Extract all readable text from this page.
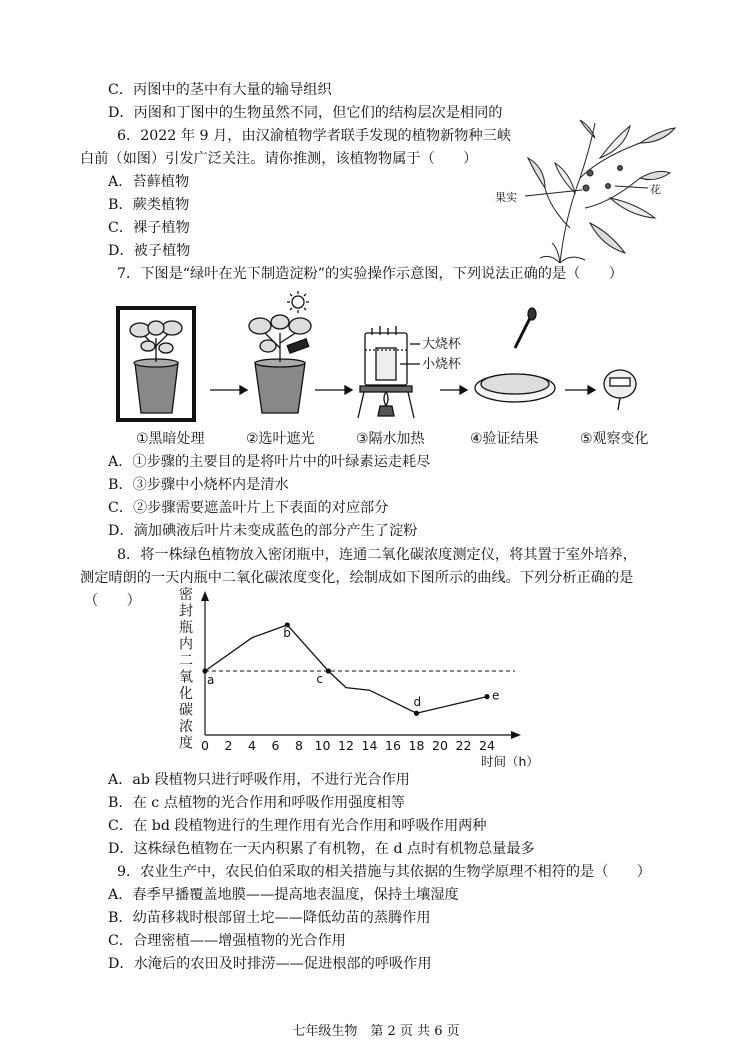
C．丙图中的茎中有大量的输导组织
D．丙图和丁图中的生物虽然不同，但它们的结构层次是相同的
6．2022 年 9 月，由汉渝植物学者联手发现的植物新物种三峡
白前（如图）引发广泛关注。请你推测，该植物物属于（　　）
A．苔藓植物
B．蕨类植物
C．裸子植物
D．被子植物
果实
花
7．下图是“绿叶在光下制造淀粉”的实验操作示意图，下列说法正确的是（　　）
大烧杯
小烧杯
①黑暗处理	②选叶遮光	③隔水加热	④验证结果	⑤观察变化
A．①步骤的主要目的是将叶片中的叶绿素运走耗尽
B．③步骤中小烧杯内是清水
C．②步骤需要遮盖叶片上下表面的对应部分
D．滴加碘液后叶片未变成蓝色的部分产生了淀粉
8．将一株绿色植物放入密闭瓶中，连通二氧化碳浓度测定仪，将其置于室外培养，
测定晴朗的一天内瓶中二氧化碳浓度变化，绘制成如下图所示的曲线。下列分析正确的是
（　　）	密
封
瓶
内
二
氧
化
碳
浓
度
a
b
c
d	e
0 2 4 6 8 10 12 14 16 18 20 22 24
时间（h）
A．ab 段植物只进行呼吸作用，不进行光合作用
B．在 c 点植物的光合作用和呼吸作用强度相等
C．在 bd 段植物进行的生理作用有光合作用和呼吸作用两种
D．这株绿色植物在一天内积累了有机物，在 d 点时有机物总量最多
9．农业生产中，农民伯伯采取的相关措施与其依据的生物学原理不相符的是（　　）
A．春季早播覆盖地膜——提高地表温度，保持土壤湿度
B．幼苗移栽时根部留土坨——降低幼苗的蒸腾作用
C．合理密植——增强植物的光合作用
D．水淹后的农田及时排涝——促进根部的呼吸作用
七年级生物　第 2 页 共 6 页
